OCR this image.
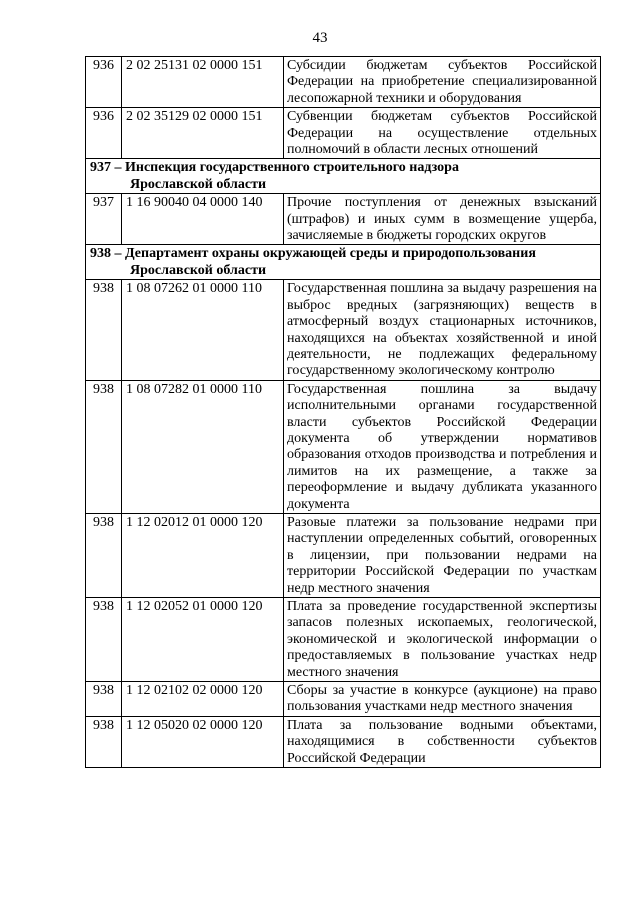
43
936	2 02 25131 02 0000 151	Субсидии бюджетам субъектов Российской Федерации на приобретение специализированной лесопожарной техники и оборудования
936	2 02 35129 02 0000 151	Субвенции бюджетам субъектов Российской Федерации на осуществление отдельных полномочий в области лесных отношений

937 – Инспекция государственного строительного надзора
Ярославской области		

937	1 16 90040 04 0000 140	Прочие поступления от денежных взысканий (штрафов) и иных сумм в возмещение ущерба, зачисляемые в бюджеты городских округов

938 – Департамент охраны окружающей среды и природопользования
Ярославской области		

938	1 08 07262 01 0000 110	Государственная пошлина за выдачу разрешения на выброс вредных (загрязняющих) веществ в атмосферный воздух стационарных источников, находящихся на объектах хозяйственной и иной деятельности, не подлежащих федеральному государственному экологическому контролю
938	1 08 07282 01 0000 110	Государственная пошлина за выдачу исполнительными органами государственной власти субъектов Российской Федерации документа об утверждении нормативов образования отходов производства и потребления и лимитов на их размещение, а также за переоформление и выдачу дубликата указанного документа
938	1 12 02012 01 0000 120	Разовые платежи за пользование недрами при наступлении определенных событий, оговоренных в лицензии, при пользовании недрами на территории Российской Федерации по участкам недр местного значения
938	1 12 02052 01 0000 120	Плата за проведение государственной экспертизы запасов полезных ископаемых, геологической, экономической и экологической информации о предоставляемых в пользование участках недр местного значения
938	1 12 02102 02 0000 120	Сборы за участие в конкурсе (аукционе) на право пользования участками недр местного значения
938	1 12 05020 02 0000 120	Плата за пользование водными объектами, находящимися в собственности субъектов Российской Федерации
